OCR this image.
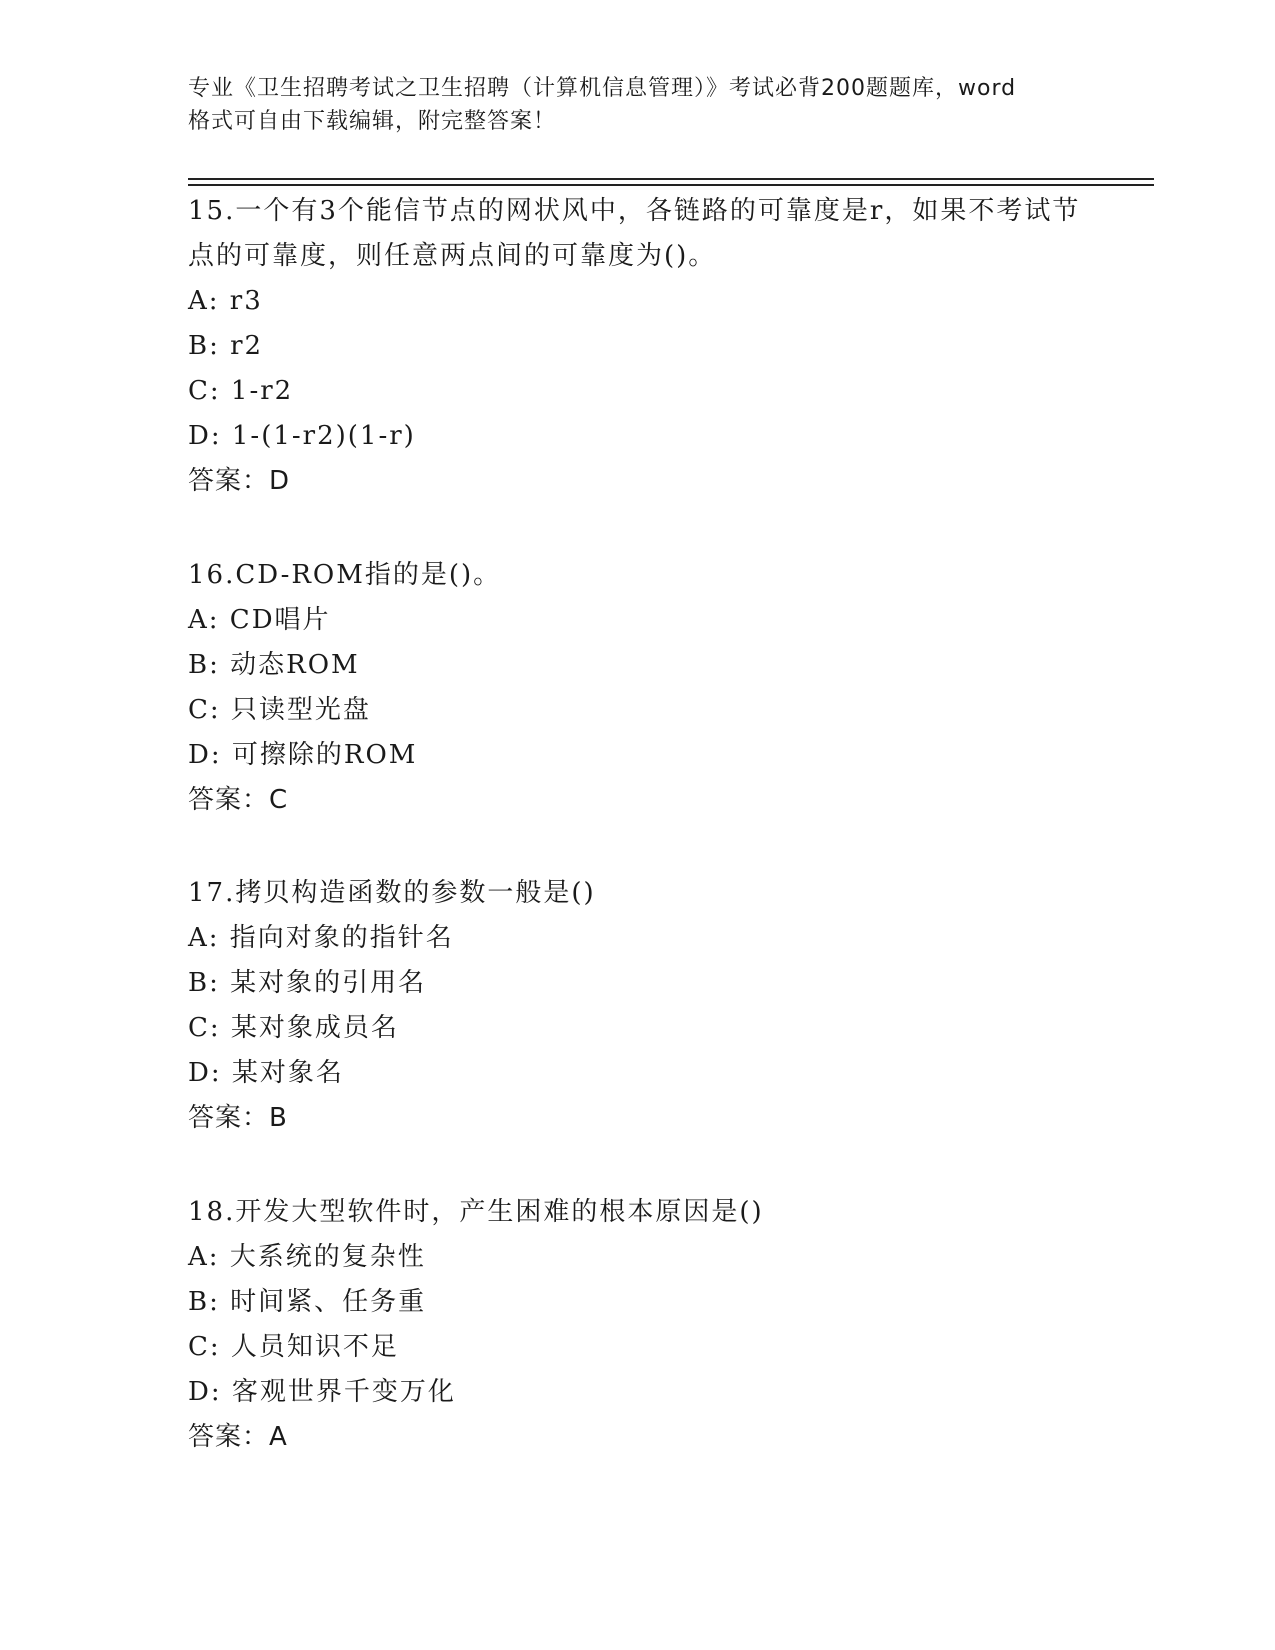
专业《卫生招聘考试之卫生招聘（计算机信息管理）》考试必背200题题库，word
格式可自由下载编辑，附完整答案！

15.一个有3个能信节点的网状风中，各链路的可靠度是r，如果不考试节点的可靠度，则任意两点间的可靠度为()。

A: r3

B: r2

C: 1-r2

D: 1-(1-r2)(1-r)

答案：D

16.CD-ROM指的是()。

A: CD唱片

B: 动态ROM

C: 只读型光盘

D: 可擦除的ROM

答案：C

17.拷贝构造函数的参数一般是()

A: 指向对象的指针名

B: 某对象的引用名

C: 某对象成员名

D: 某对象名

答案：B

18.开发大型软件时，产生困难的根本原因是()

A: 大系统的复杂性

B: 时间紧、任务重

C: 人员知识不足

D: 客观世界千变万化

答案：A
